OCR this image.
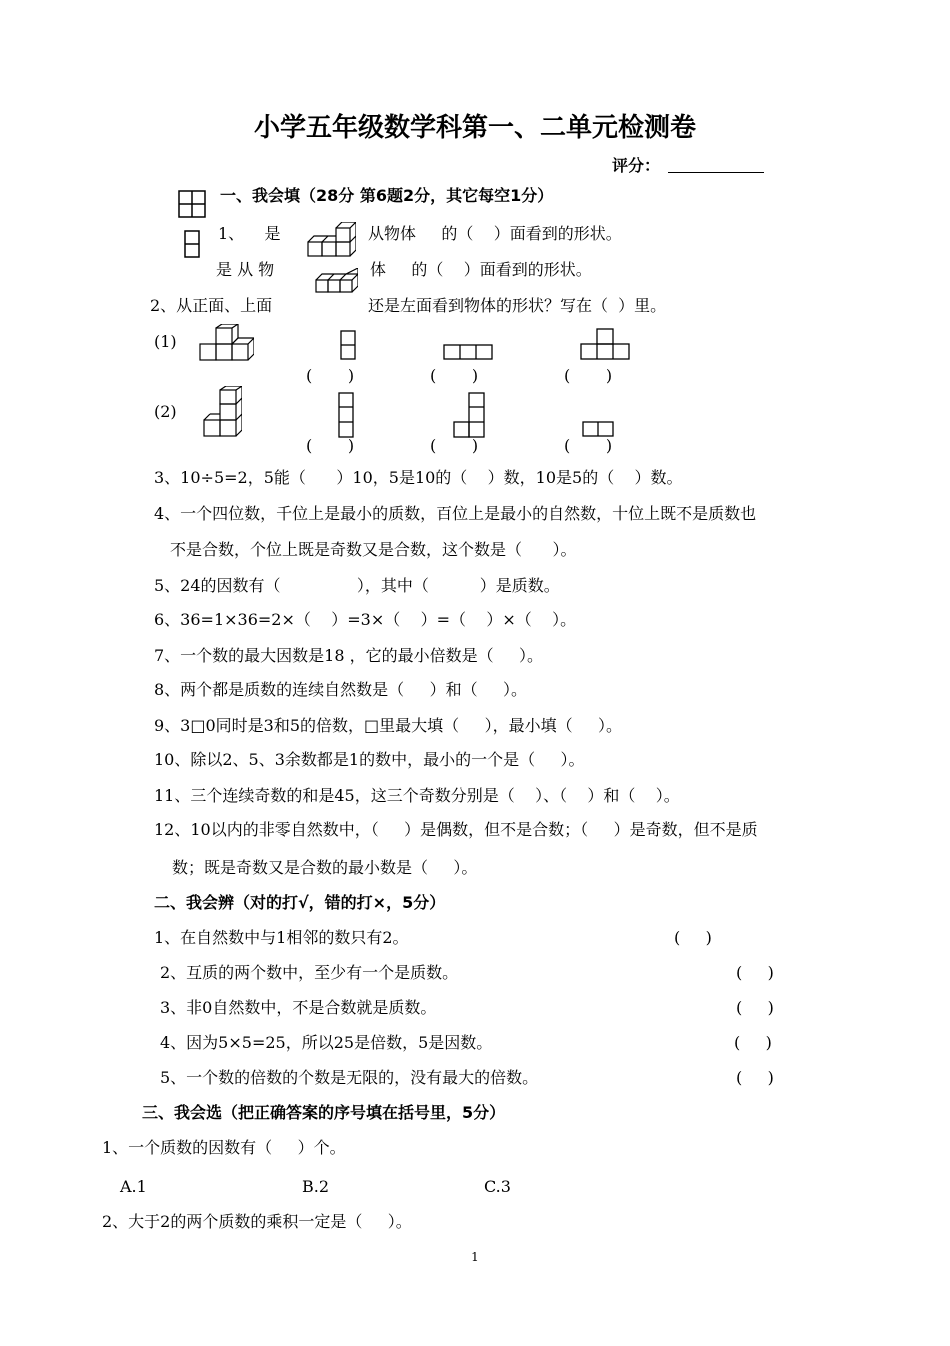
小学五年级数学科第一、二单元检测卷
评分：
一、我会填（28分 第6题2分，其它每空1分）
1、    是	从物体     的（    ）面看到的形状。
是 从 物	体     的（    ）面看到的形状。
2、从正面、上面	还是左面看到物体的形状？写在（  ）里。
(1)
(       )	(       )	(       )
(2)
(       )	(       )	(       )
3、10÷5=2，5能（      ）10，5是10的（    ）数，10是5的（    ）数。
4、一个四位数，千位上是最小的质数，百位上是最小的自然数，十位上既不是质数也
不是合数，个位上既是奇数又是合数，这个数是（      ）。
5、24的因数有（               ），其中（          ）是质数。
6、36=1×36=2×（    ）=3×（    ）=（    ）×（    ）。
7、一个数的最大因数是18 ，它的最小倍数是（     ）。
8、两个都是质数的连续自然数是（     ）和（     ）。
9、3□0同时是3和5的倍数，□里最大填（     ），最小填（     ）。
10、除以2、5、3余数都是1的数中，最小的一个是（     ）。
11、三个连续奇数的和是45，这三个奇数分别是（    ）、（    ）和（    ）。
12、10以内的非零自然数中，（     ）是偶数，但不是合数；（     ）是奇数，但不是质
数；既是奇数又是合数的最小数是（     ）。
二、我会辨（对的打√，错的打×，5分）
1、在自然数中与1相邻的数只有2。	(     )
2、互质的两个数中，至少有一个是质数。	(     )
3、非0自然数中，不是合数就是质数。	(     )
4、因为5×5=25，所以25是倍数，5是因数。	(     )
5、一个数的倍数的个数是无限的，没有最大的倍数。	(     )
三、我会选（把正确答案的序号填在括号里，5分）
1、一个质数的因数有（     ）个。
A.1	B.2	C.3
2、大于2的两个质数的乘积一定是（     ）。
1
